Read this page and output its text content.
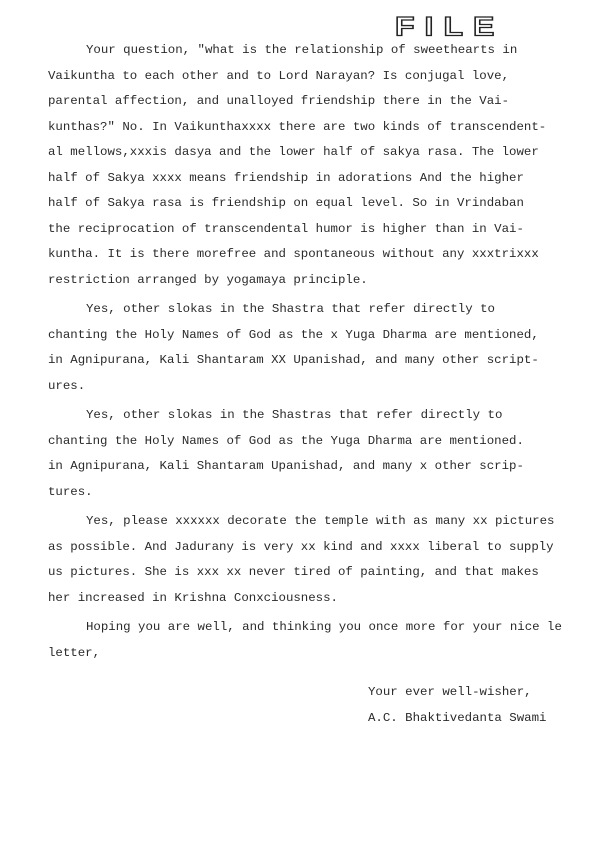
FILE
Your question, "what is the relationship of sweethearts in
Vaikuntha to each other and to Lord Narayan? Is conjugal love,
parental affection, and unalloyed friendship there in the Vai-
kunthas?" No. In Vaikunthaxxxx there are two kinds of transcendent-
al mellows,xxxis dasya and the lower half of sakya rasa. The lower
half of Sakya xxxx means friendship in adorations And the higher
half of Sakya rasa is friendship on equal level. So in Vrindaban
the reciprocation of transcendental humor is higher than in Vai-
kuntha. It is there morefree and spontaneous without any xxxtrixxx
restriction arranged by yogamaya principle.
Yes, other slokas in the Shastra that refer directly to
chanting the Holy Names of God as the x Yuga Dharma are mentioned,
in Agnipurana, Kali Shantaram XX Upanishad, and many other script-
ures.
Yes, other slokas in the Shastras that refer directly to
chanting the Holy Names of God as the Yuga Dharma are mentioned.
in Agnipurana, Kali Shantaram Upanishad, and many x other scrip-
tures.
Yes, please xxxxxx decorate the temple with as many xx pictures
as possible. And Jadurany is very xx kind and xxxx liberal to supply
us pictures. She is xxx xx never tired of painting, and that makes
her increased in Krishna Conxciousness.
Hoping you are well, and thinking you once more for your nice le
letter,
Your ever well-wisher,
A.C. Bhaktivedanta Swami
